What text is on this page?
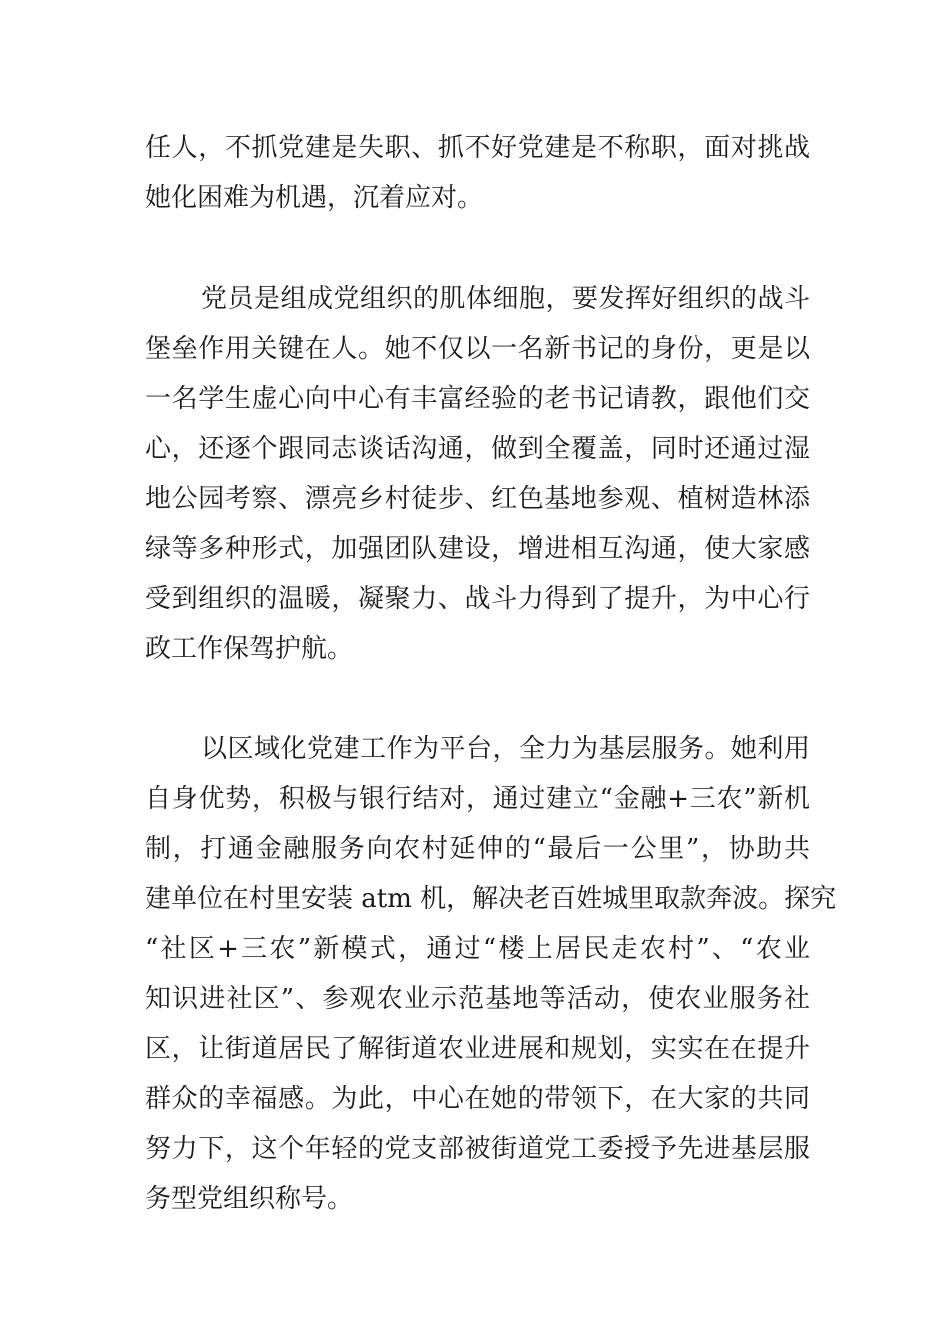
任人，不抓党建是失职、抓不好党建是不称职，面对挑战
她化困难为机遇，沉着应对。

党员是组成党组织的肌体细胞，要发挥好组织的战斗
堡垒作用关键在人。她不仅以一名新书记的身份，更是以
一名学生虚心向中心有丰富经验的老书记请教，跟他们交
心，还逐个跟同志谈话沟通，做到全覆盖，同时还通过湿
地公园考察、漂亮乡村徒步、红色基地参观、植树造林添
绿等多种形式，加强团队建设，增进相互沟通，使大家感
受到组织的温暖，凝聚力、战斗力得到了提升，为中心行
政工作保驾护航。

以区域化党建工作为平台，全力为基层服务。她利用
自身优势，积极与银行结对，通过建立“金融+三农”新机
制，打通金融服务向农村延伸的“最后一公里”，协助共
建单位在村里安装 atm 机，解决老百姓城里取款奔波。探究
“社区+三农”新模式，通过“楼上居民走农村”、“农业
知识进社区”、参观农业示范基地等活动，使农业服务社
区，让街道居民了解街道农业进展和规划，实实在在提升
群众的幸福感。为此，中心在她的带领下，在大家的共同
努力下，这个年轻的党支部被街道党工委授予先进基层服
务型党组织称号。
